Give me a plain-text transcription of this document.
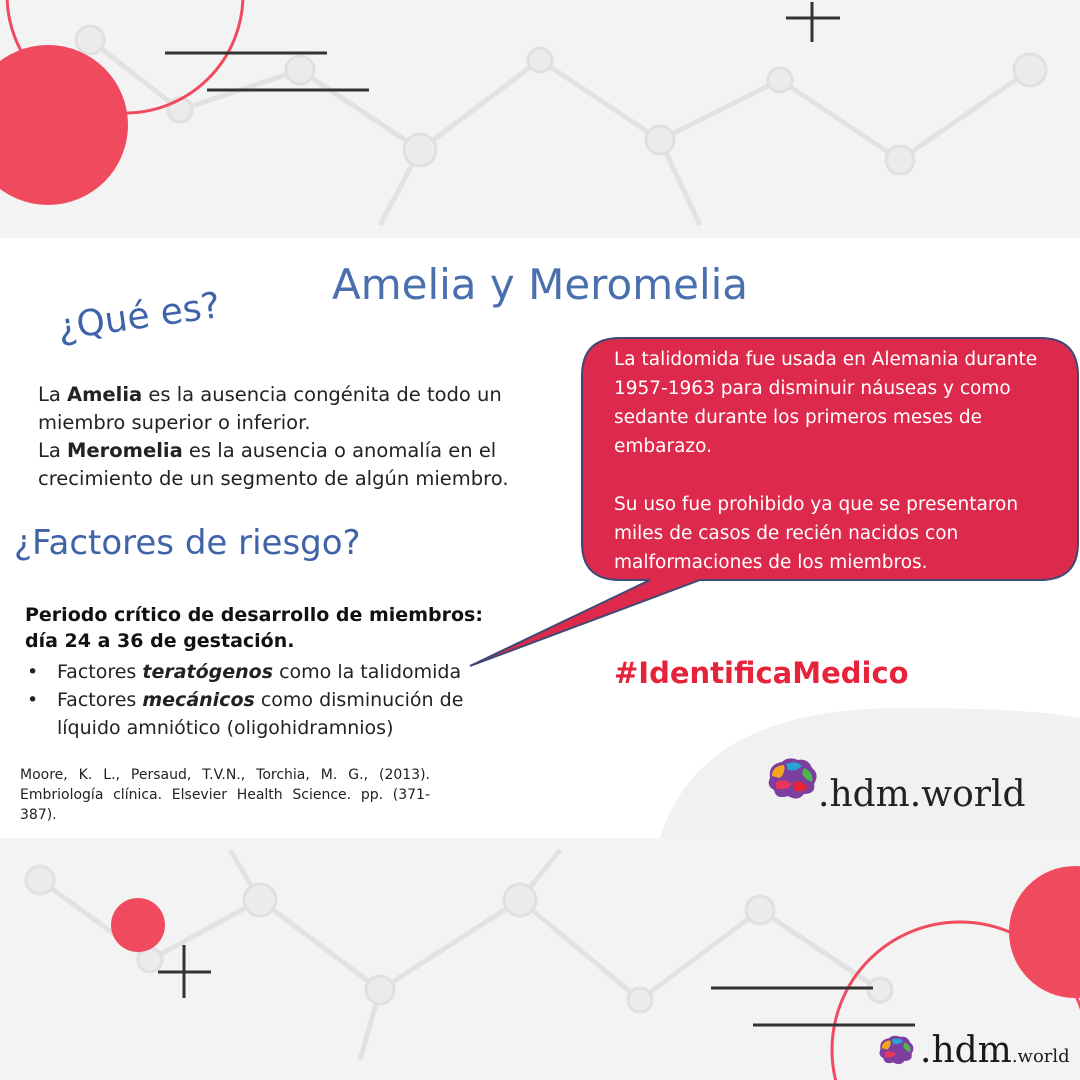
Amelia y Meromelia
¿Qué es?

La Amelia es la ausencia congénita de todo un miembro superior o inferior.

La Meromelia es la ausencia o anomalía en el crecimiento de un segmento de algún miembro.

¿Factores de riesgo?
Periodo crítico de desarrollo de miembros: día 24 a 36 de gestación.
• Factores teratógenos como la talidomida
• Factores mecánicos como disminución de líquido amniótico (oligohidramnios)
Moore, K. L., Persaud, T.V.N., Torchia, M. G., (2013). Embriología clínica. Elsevier Health Science. pp. (371-387).

La talidomida fue usada en Alemania durante 1957-1963 para disminuir náuseas y como sedante durante los primeros meses de embarazo.

Su uso fue prohibido ya que se presentaron miles de casos de recién nacidos con malformaciones de los miembros.

#IdentificaMedico
.hdm.world
.hdm.world
